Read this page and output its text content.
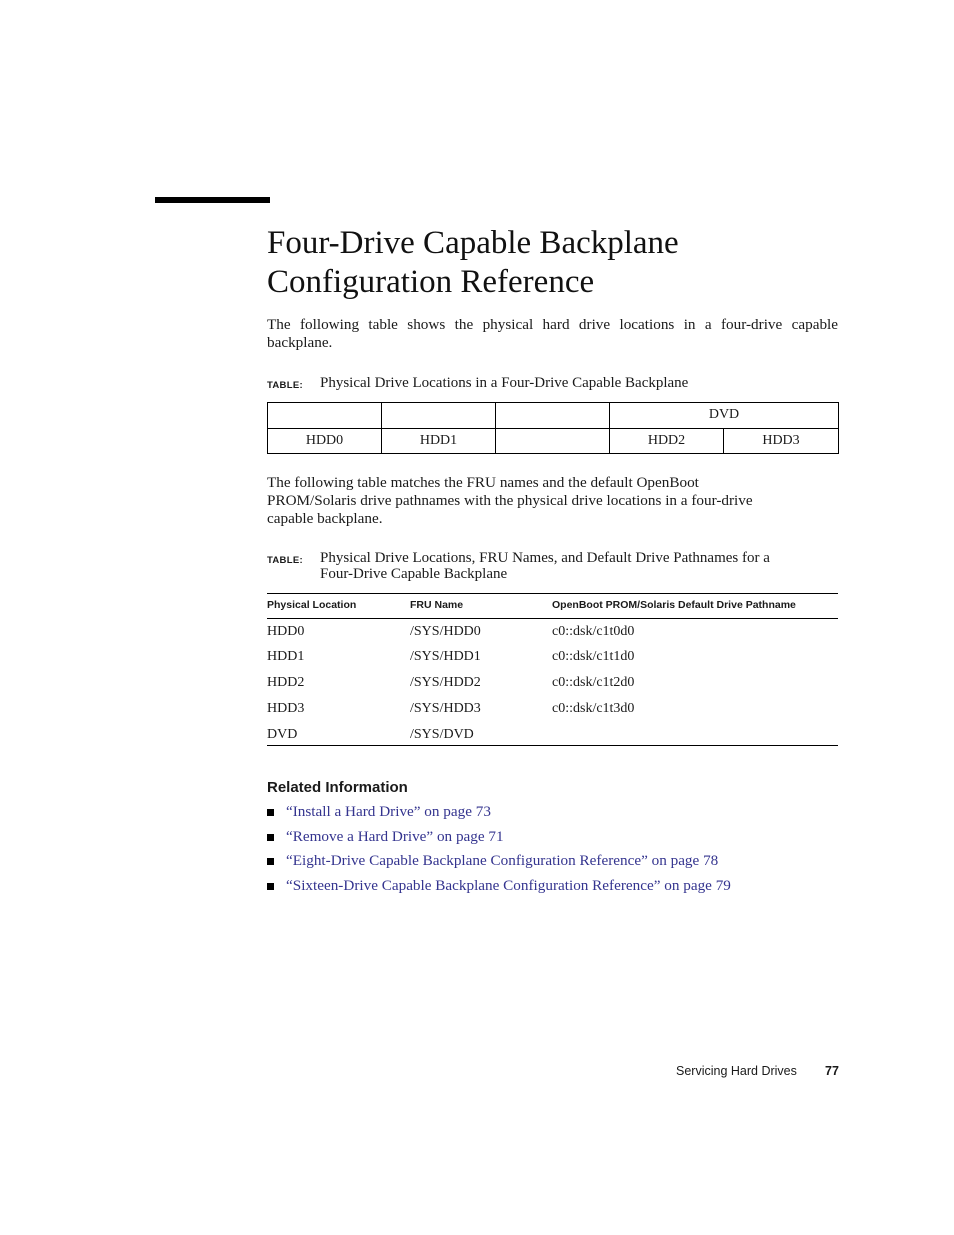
Four-Drive Capable Backplane
Configuration Reference

The following table shows the physical hard drive locations in a four-drive capable backplane.

TABLE: Physical Drive Locations in a Four-Drive Capable Backplane
			DVD	
HDD0	HDD1		HDD2	HDD3
The following table matches the FRU names and the default OpenBoot
PROM/Solaris drive pathnames with the physical drive locations in a four-drive
capable backplane.
TABLE: Physical Drive Locations, FRU Names, and Default Drive Pathnames for a
Four-Drive Capable Backplane
Physical Location	FRU Name	OpenBoot PROM/Solaris Default Drive Pathname
HDD0	/SYS/HDD0	c0::dsk/c1t0d0
HDD1	/SYS/HDD1	c0::dsk/c1t1d0
HDD2	/SYS/HDD2	c0::dsk/c1t2d0
HDD3	/SYS/HDD3	c0::dsk/c1t3d0
DVD	/SYS/DVD
Related Information
“Install a Hard Drive” on page 73
“Remove a Hard Drive” on page 71
“Eight-Drive Capable Backplane Configuration Reference” on page 78
“Sixteen-Drive Capable Backplane Configuration Reference” on page 79
Servicing Hard Drives 77
